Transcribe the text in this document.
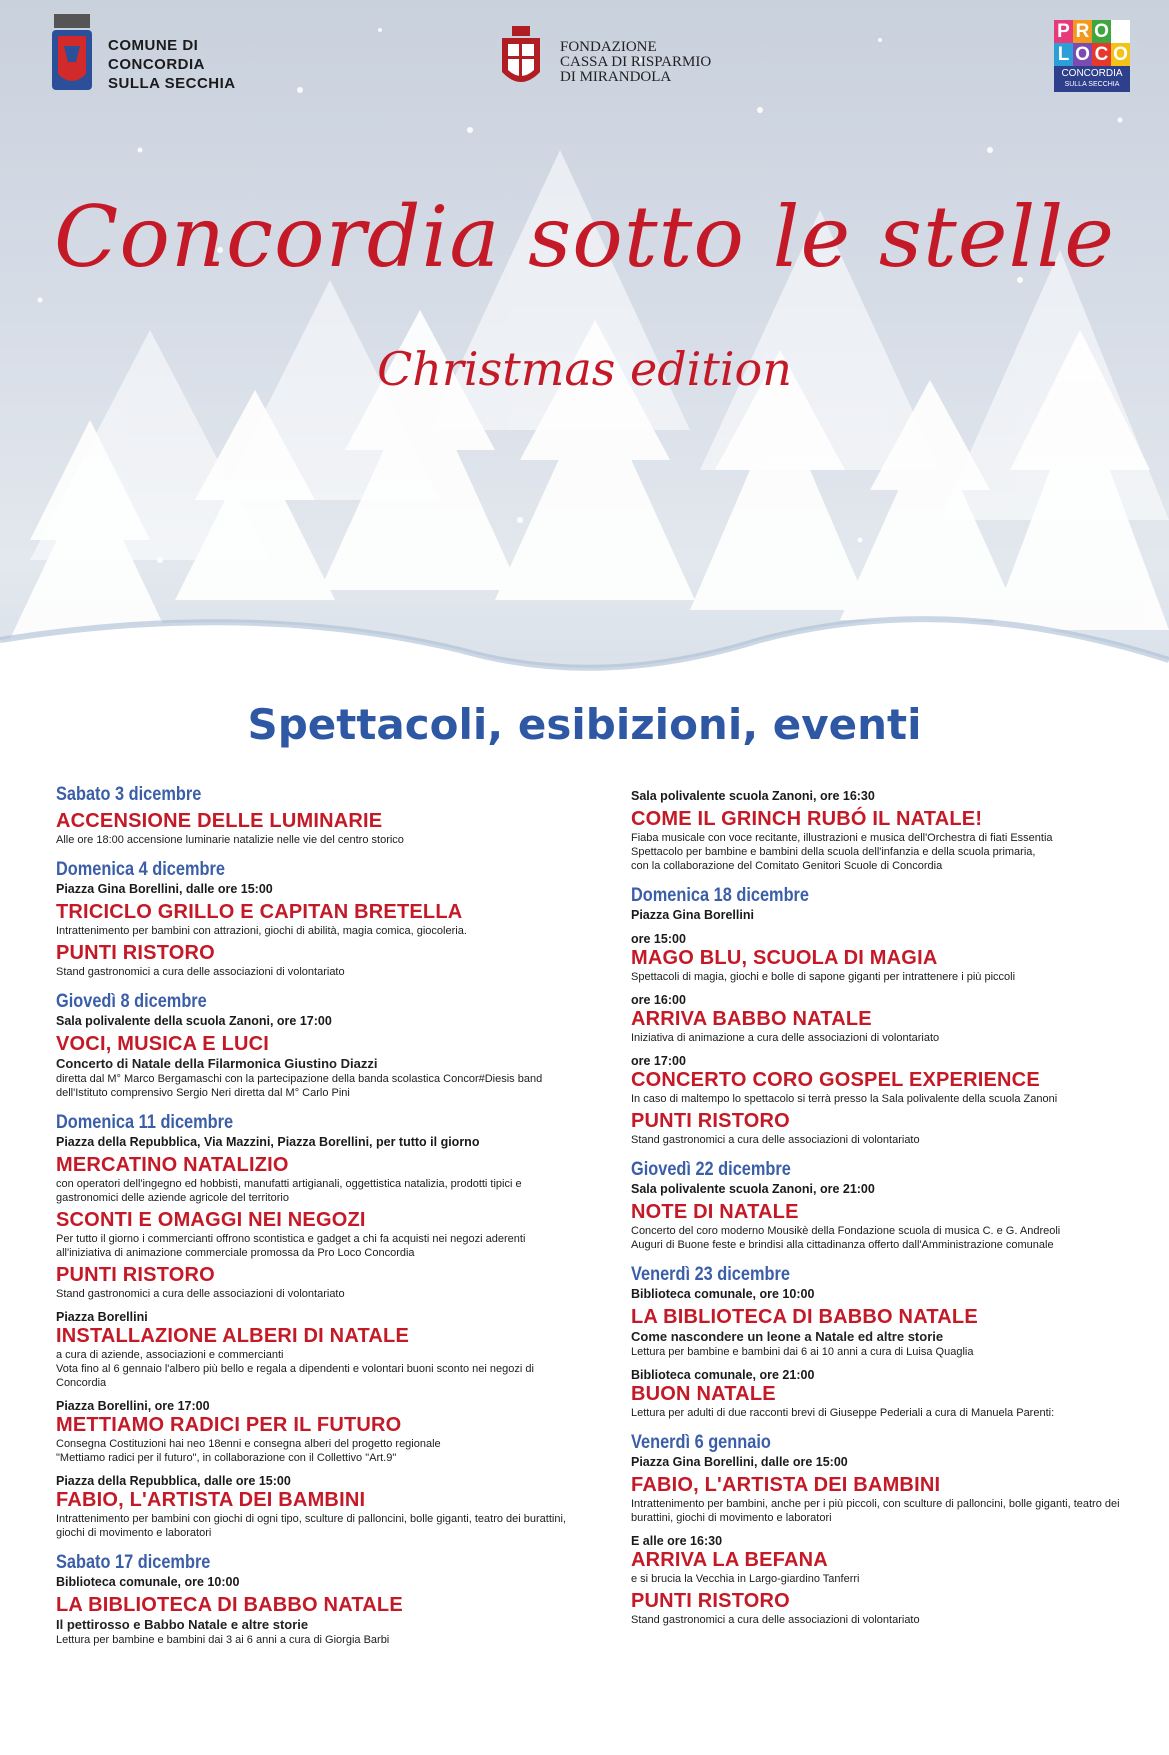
COMUNE DI
CONCORDIA
SULLA SECCHIA
FONDAZIONE
CASSA DI RISPARMIO
DI MIRANDOLA
P R O
L O C O
CONCORDIA
SULLA SECCHIA
Concordia sotto le stelle
Christmas edition
Spettacoli, esibizioni, eventi
Sabato 3 dicembre
ACCENSIONE DELLE LUMINARIE
Alle ore 18:00 accensione luminarie natalizie nelle vie del centro storico
Domenica 4 dicembre
Piazza Gina Borellini, dalle ore 15:00
TRICICLO GRILLO E CAPITAN BRETELLA
Intrattenimento per bambini con attrazioni, giochi di abilità, magia comica, giocoleria.
PUNTI RISTORO
Stand gastronomici a cura delle associazioni di volontariato
Giovedì 8 dicembre
Sala polivalente della scuola Zanoni, ore 17:00
VOCI, MUSICA E LUCI
Concerto di Natale della Filarmonica Giustino Diazzi
diretta dal M° Marco Bergamaschi con la partecipazione della banda scolastica Concor#Diesis band dell'Istituto comprensivo Sergio Neri diretta dal M° Carlo Pini
Domenica 11 dicembre
Piazza della Repubblica, Via Mazzini, Piazza Borellini, per tutto il giorno
MERCATINO NATALIZIO
con operatori dell'ingegno ed hobbisti, manufatti artigianali, oggettistica natalizia, prodotti tipici e gastronomici delle aziende agricole del territorio
SCONTI E OMAGGI NEI NEGOZI
Per tutto il giorno i commercianti offrono scontistica e gadget a chi fa acquisti nei negozi aderenti all'iniziativa di animazione commerciale promossa da Pro Loco Concordia
PUNTI RISTORO
Stand gastronomici a cura delle associazioni di volontariato
Piazza Borellini
INSTALLAZIONE ALBERI DI NATALE
a cura di aziende, associazioni e commercianti
Vota fino al 6 gennaio l'albero più bello e regala a dipendenti e volontari buoni sconto nei negozi di Concordia
Piazza Borellini, ore 17:00
METTIAMO RADICI PER IL FUTURO
Consegna Costituzioni hai neo 18enni e consegna alberi del progetto regionale
"Mettiamo radici per il futuro", in collaborazione con il Collettivo "Art.9"
Piazza della Repubblica, dalle ore 15:00
FABIO, L'ARTISTA DEI BAMBINI
Intrattenimento per bambini con giochi di ogni tipo, sculture di palloncini, bolle giganti, teatro dei burattini, giochi di movimento e laboratori
Sabato 17 dicembre
Biblioteca comunale, ore 10:00
LA BIBLIOTECA DI BABBO NATALE
Il pettirosso e Babbo Natale e altre storie
Lettura per bambine e bambini dai 3 ai 6 anni a cura di Giorgia Barbi
Sala polivalente scuola Zanoni, ore 16:30
COME IL GRINCH RUBÓ IL NATALE!
Fiaba musicale con voce recitante, illustrazioni e musica dell'Orchestra di fiati Essentia
Spettacolo per bambine e bambini della scuola dell'infanzia e della scuola primaria,
con la collaborazione del Comitato Genitori Scuole di Concordia
Domenica 18 dicembre
Piazza Gina Borellini
ore 15:00
MAGO BLU, SCUOLA DI MAGIA
Spettacoli di magia, giochi e bolle di sapone giganti per intrattenere i più piccoli
ore 16:00
ARRIVA BABBO NATALE
Iniziativa di animazione a cura delle associazioni di volontariato
ore 17:00
CONCERTO CORO GOSPEL EXPERIENCE
In caso di maltempo lo spettacolo si terrà presso la Sala polivalente della scuola Zanoni
PUNTI RISTORO
Stand gastronomici a cura delle associazioni di volontariato
Giovedì 22 dicembre
Sala polivalente scuola Zanoni, ore 21:00
NOTE DI NATALE
Concerto del coro moderno Mousikè della Fondazione scuola di musica C. e G. Andreoli
Auguri di Buone feste e brindisi alla cittadinanza offerto dall'Amministrazione comunale
Venerdì 23 dicembre
Biblioteca comunale, ore 10:00
LA BIBLIOTECA DI BABBO NATALE
Come nascondere un leone a Natale ed altre storie
Lettura per bambine e bambini dai 6 ai 10 anni a cura di Luisa Quaglia
Biblioteca comunale, ore 21:00
BUON NATALE
Lettura per adulti di due racconti brevi di Giuseppe Pederiali a cura di Manuela Parenti:
Venerdì 6 gennaio
Piazza Gina Borellini, dalle ore 15:00
FABIO, L'ARTISTA DEI BAMBINI
Intrattenimento per bambini, anche per i più piccoli, con sculture di palloncini, bolle giganti, teatro dei burattini, giochi di movimento e laboratori
E alle ore 16:30
ARRIVA LA BEFANA
e si brucia la Vecchia in Largo-giardino Tanferri
PUNTI RISTORO
Stand gastronomici a cura delle associazioni di volontariato
